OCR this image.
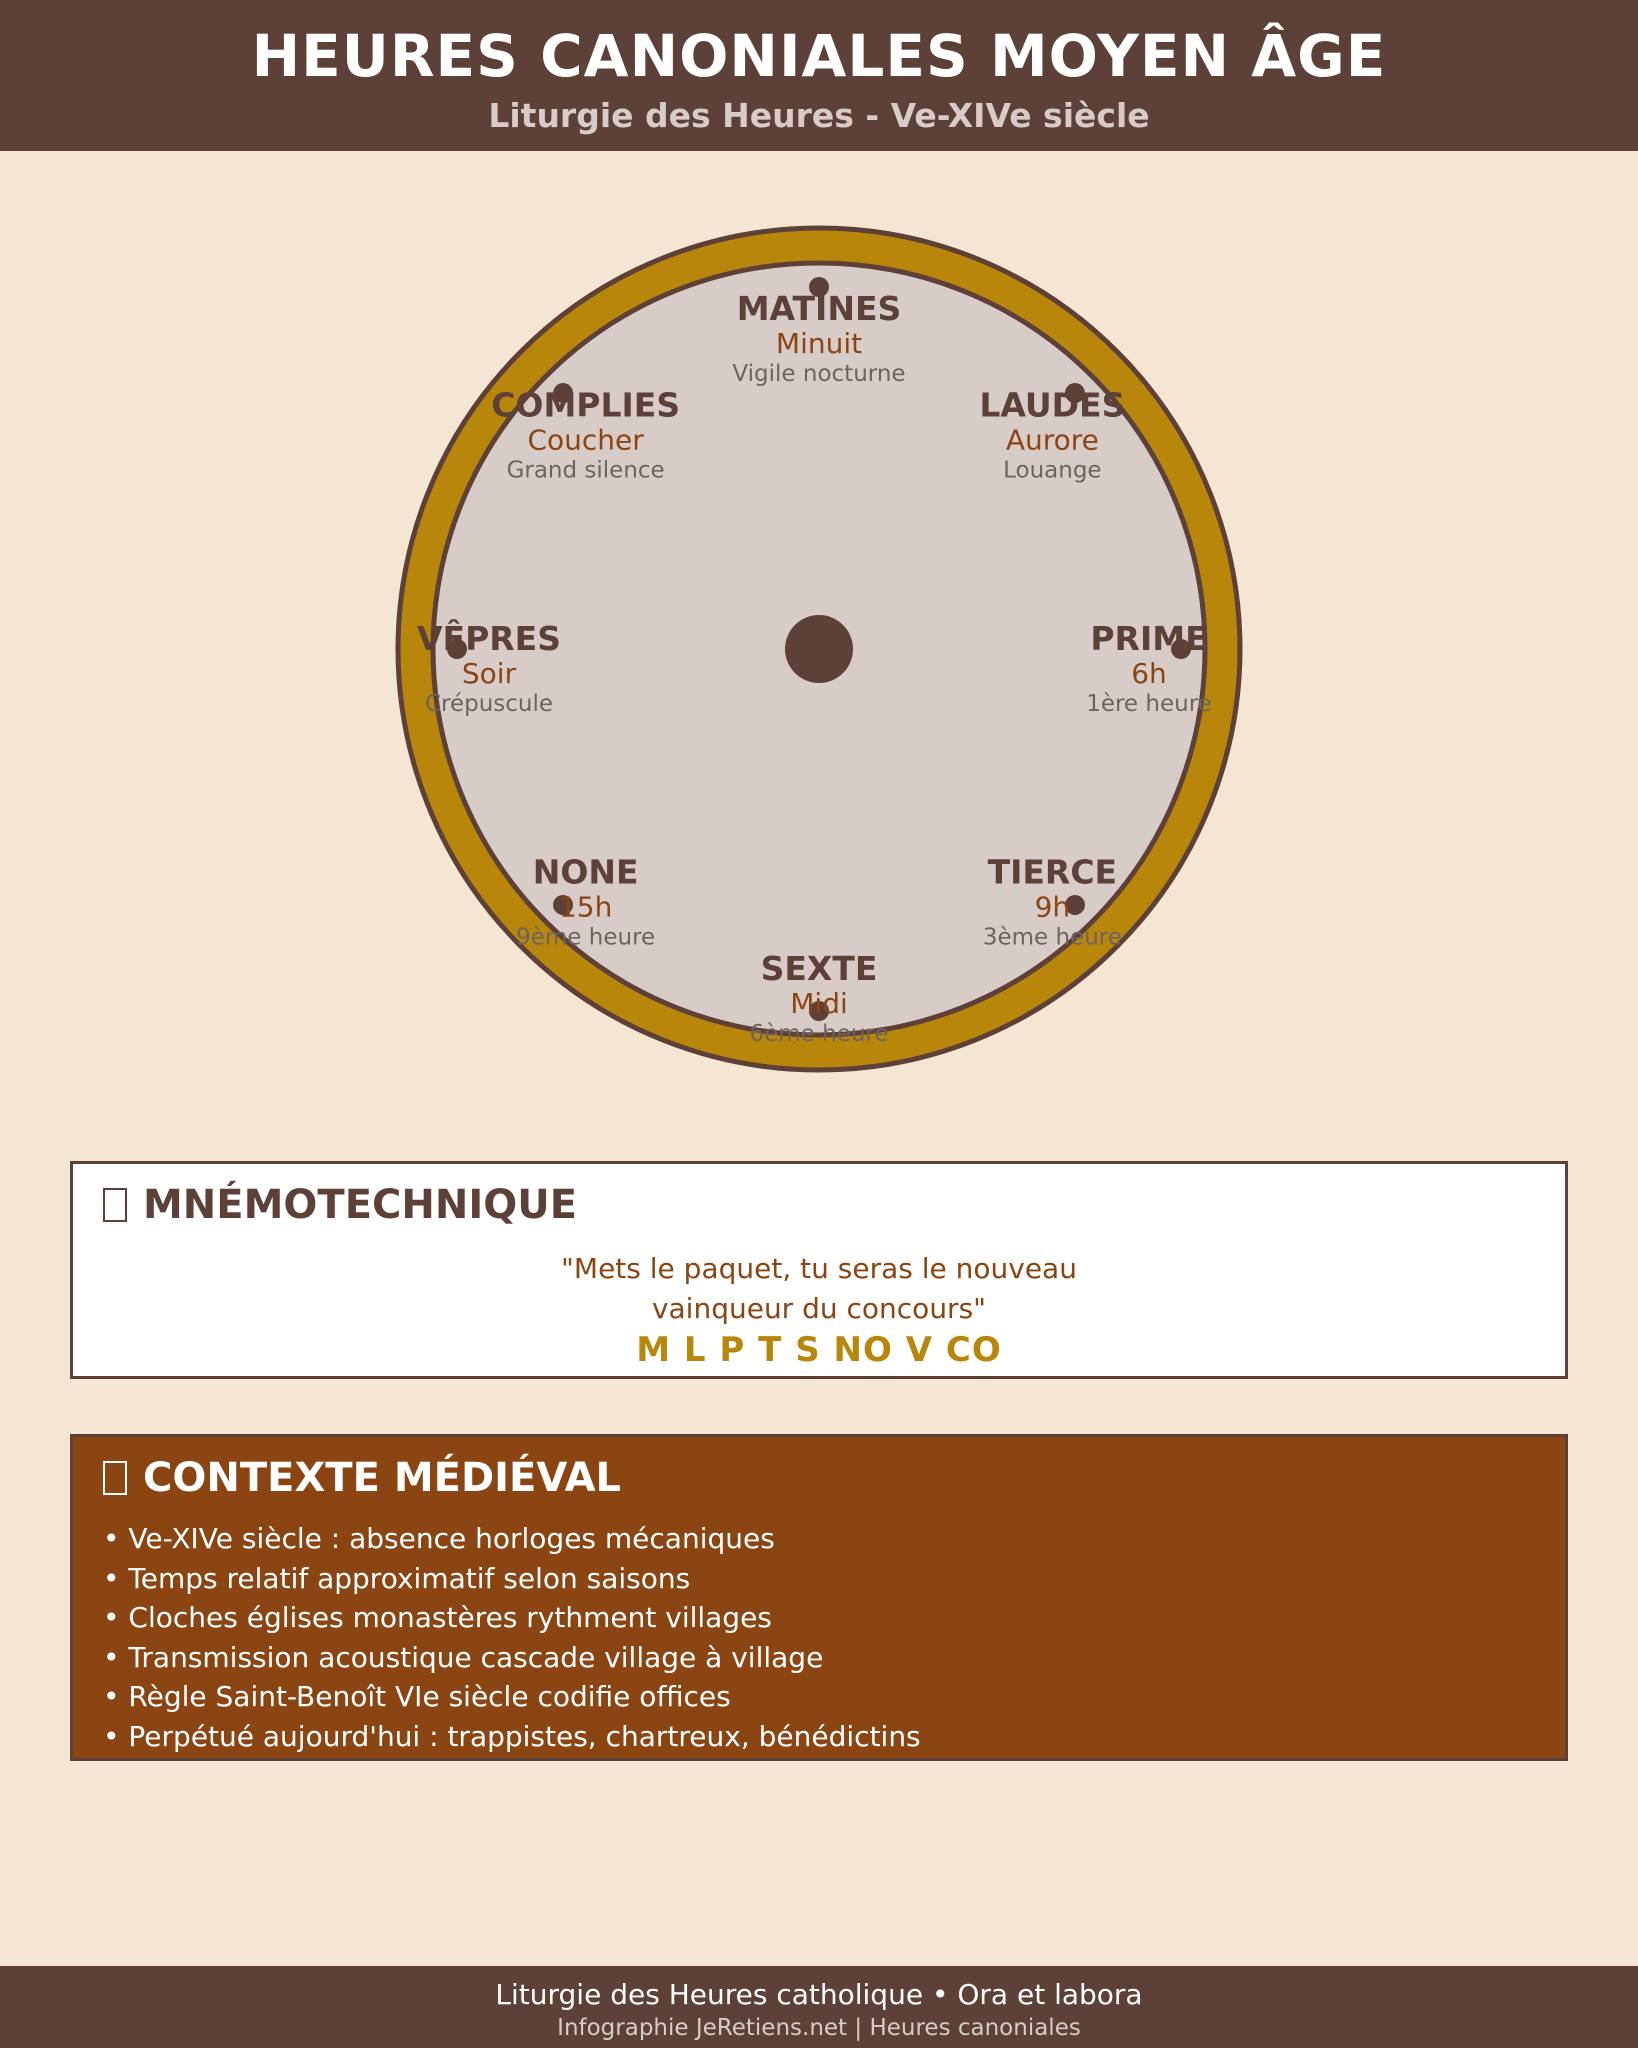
HEURES CANONIALES MOYEN ÂGE
Liturgie des Heures - Ve-XIVe siècle
MATINES
Minuit
Vigile nocturne
LAUDES
Aurore
Louange
PRIME
6h
1ère heure
TIERCE
9h
3ème heure
SEXTE
Midi
6ème heure
NONE
15h
9ème heure
VÊPRES
Soir
Crépuscule
COMPLIES
Coucher
Grand silence
MNÉMOTECHNIQUE
"Mets le paquet, tu seras le nouveau
vainqueur du concours"
M L P T S NO V CO
CONTEXTE MÉDIÉVAL
• Ve-XIVe siècle : absence horloges mécaniques
• Temps relatif approximatif selon saisons
• Cloches églises monastères rythment villages
• Transmission acoustique cascade village à village
• Règle Saint-Benoît VIe siècle codifie offices
• Perpétué aujourd'hui : trappistes, chartreux, bénédictins
Liturgie des Heures catholique • Ora et labora
Infographie JeRetiens.net | Heures canoniales
